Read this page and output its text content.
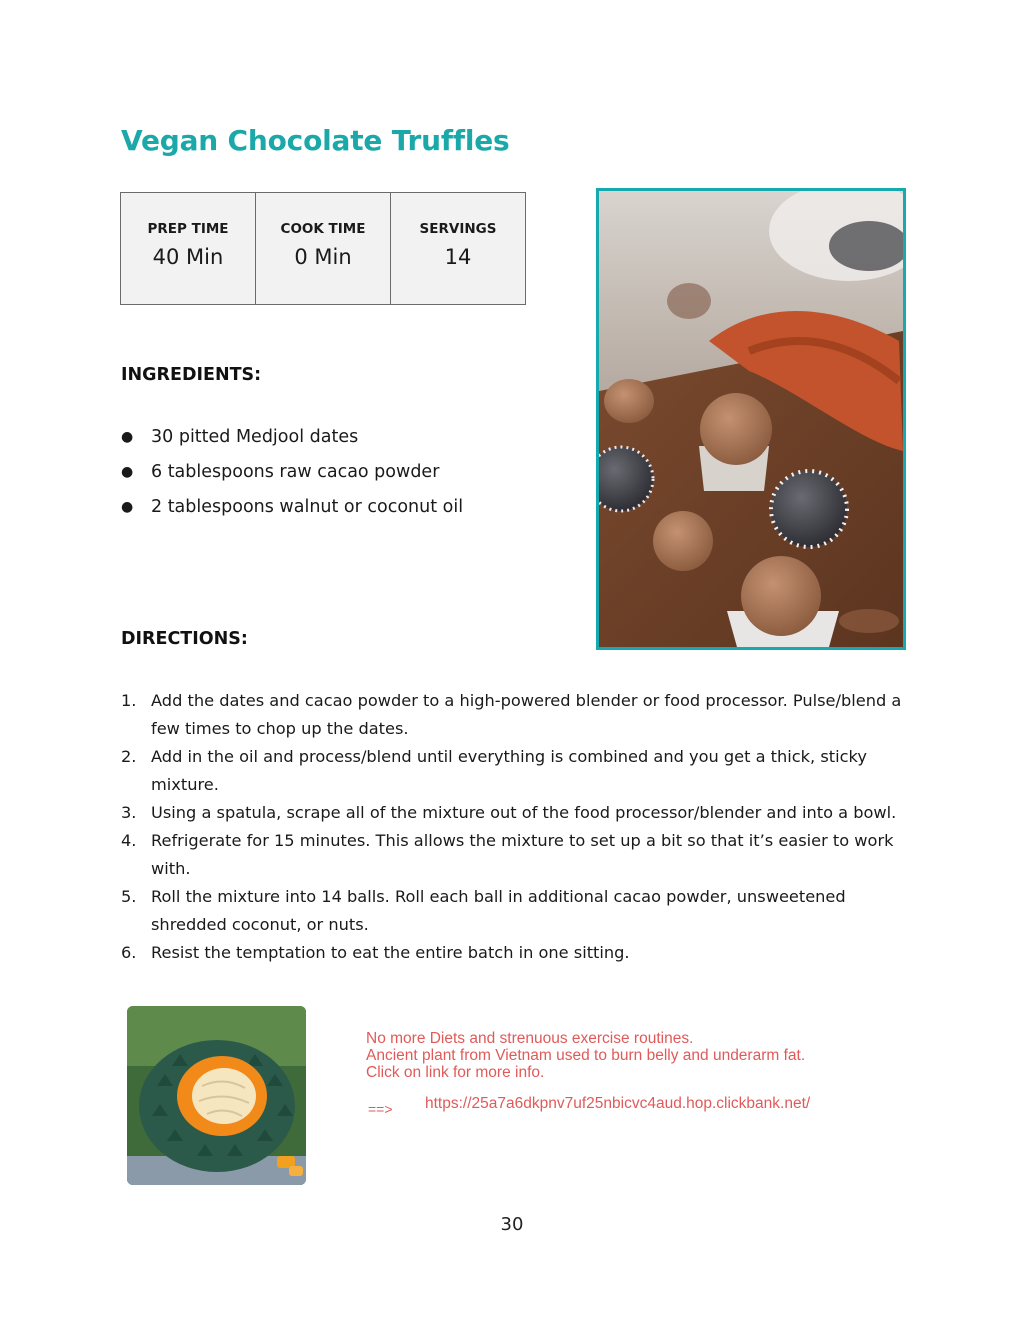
Vegan Chocolate Truffles
PREP TIME
40 Min
COOK TIME
0 Min
SERVINGS
14
INGREDIENTS:
●	30 pitted Medjool dates
●	6 tablespoons raw cacao powder
●	2 tablespoons walnut or coconut oil
DIRECTIONS:
1. Add the dates and cacao powder to a high-powered blender or food processor. Pulse/blend a few times to chop up the dates.
2. Add in the oil and process/blend until everything is combined and you get a thick, sticky mixture.
3. Using a spatula, scrape all of the mixture out of the food processor/blender and into a bowl.
4. Refrigerate for 15 minutes. This allows the mixture to set up a bit so that it’s easier to work with.
5. Roll the mixture into 14 balls. Roll each ball in additional cacao powder, unsweetened shredded coconut, or nuts.
6. Resist the temptation to eat the entire batch in one sitting.
No more Diets and strenuous exercise routines.
Ancient plant from Vietnam used to burn belly and underarm fat.
Click on link for more info.
==> https://25a7a6dkpnv7uf25nbicvc4aud.hop.clickbank.net/
30
